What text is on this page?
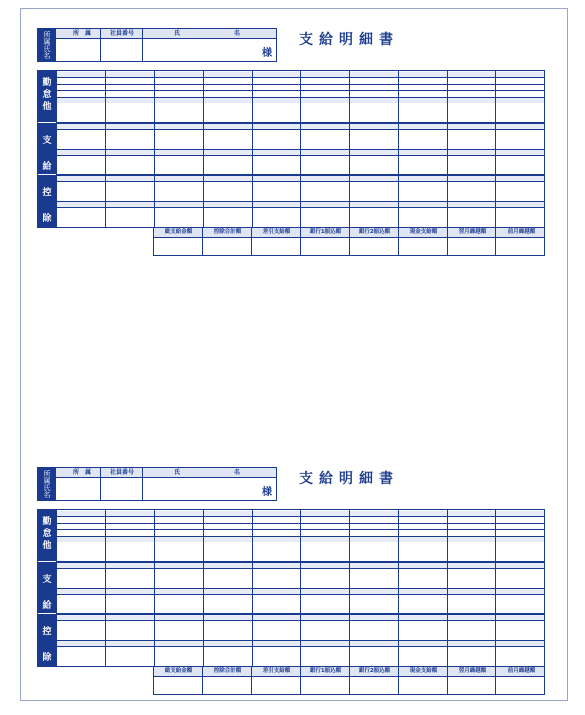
所
属
氏
名
所　属	社員番号	氏	名
様
支給明細書
勤
怠
他
支
給
控
除
総支給金額	控除合計額	差引支給額	銀行1振込額	銀行2振込額	現金支給額	翌月繰越額	前月繰越額
所
属
氏
名
所　属	社員番号	氏	名
様
支給明細書
勤
怠
他
支
給
控
除
総支給金額	控除合計額	差引支給額	銀行1振込額	銀行2振込額	現金支給額	翌月繰越額	前月繰越額
